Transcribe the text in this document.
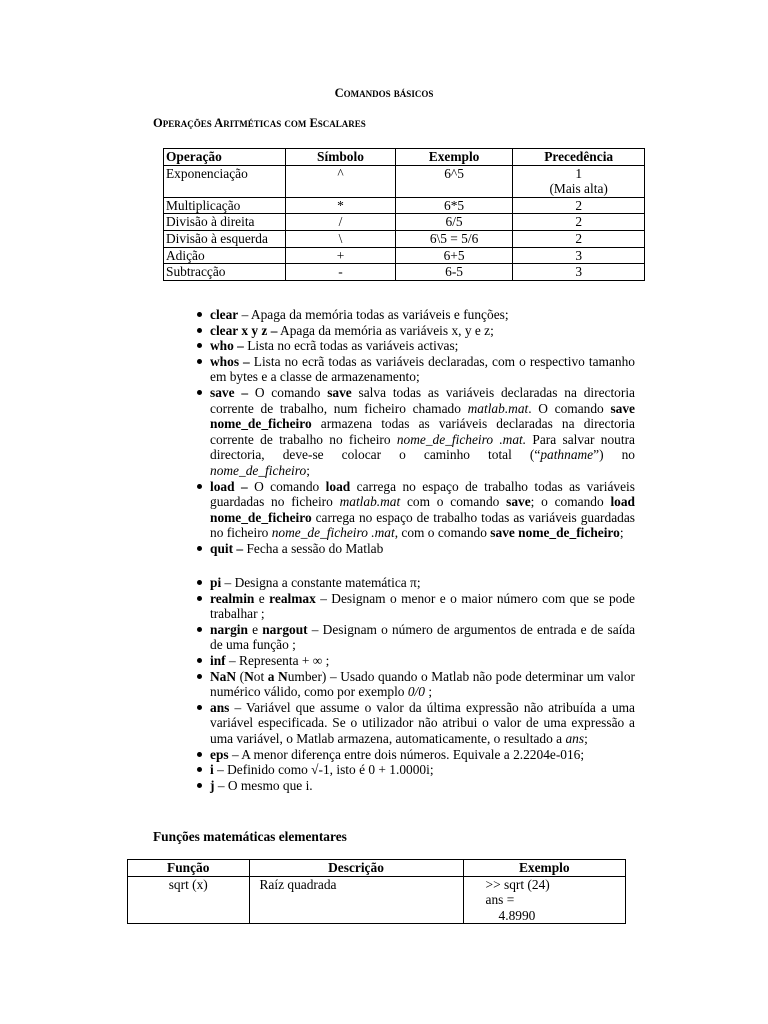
Comandos básicos
Operações Aritméticas com Escalares
Operação	Símbolo	Exemplo	Precedência
Exponenciação	^	6^5	1
(Mais alta)

Multiplicação	*	6*5	2
Divisão à direita	/	6/5	2
Divisão à esquerda	\	6\5 = 5/6	2
Adição	+	6+5	3
Subtracção	-	6-5	3
clear – Apaga da memória todas as variáveis e funções;
clear x y z – Apaga da memória as variáveis x, y e z;
who – Lista no ecrã todas as variáveis activas;
whos – Lista no ecrã todas as variáveis declaradas, com o respectivo tamanho em bytes e a classe de armazenamento;
save – O comando save salva todas as variáveis declaradas na directoria corrente de trabalho, num ficheiro chamado matlab.mat. O comando save nome_de_ficheiro armazena todas as variáveis declaradas na directoria corrente de trabalho no ficheiro nome_de_ficheiro .mat. Para salvar noutra directoria, deve-se colocar o caminho total (“pathname”) no nome_de_ficheiro;
load – O comando load carrega no espaço de trabalho todas as variáveis guardadas no ficheiro matlab.mat com o comando save; o comando load nome_de_ficheiro carrega no espaço de trabalho todas as variáveis guardadas no ficheiro nome_de_ficheiro .mat, com o comando save nome_de_ficheiro;
quit – Fecha a sessão do Matlab
pi – Designa a constante matemática π;
realmin e realmax – Designam o menor e o maior número com que se pode trabalhar ;
nargin e nargout – Designam o número de argumentos de entrada e de saída de uma função ;
inf – Representa + ∞ ;
NaN (Not a Number) – Usado quando o Matlab não pode determinar um valor numérico válido, como por exemplo 0/0 ;
ans – Variável que assume o valor da última expressão não atribuída a uma variável especificada. Se o utilizador não atribui o valor de uma expressão a uma variável, o Matlab armazena, automaticamente, o resultado a ans;
eps – A menor diferença entre dois números. Equivale a 2.2204e-016;
i – Definido como √-1, isto é 0 + 1.0000i;
j – O mesmo que i.
Funções matemáticas elementares
Função	Descrição	Exemplo
sqrt (x)	Raíz quadrada	>> sqrt (24)
ans =
4.8990
